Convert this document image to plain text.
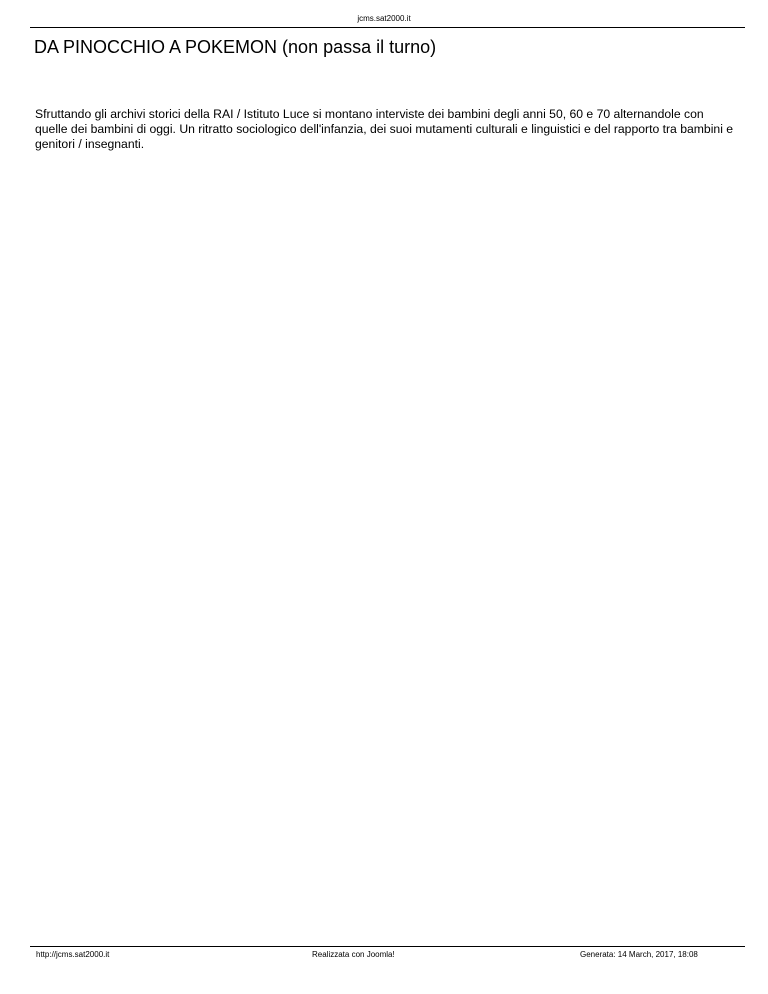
jcms.sat2000.it
DA PINOCCHIO A POKEMON (non passa il turno)

Sfruttando gli archivi storici della RAI / Istituto Luce si montano interviste dei bambini degli anni 50, 60 e 70 alternandole con quelle dei bambini di oggi. Un ritratto sociologico dell'infanzia, dei suoi mutamenti culturali e linguistici e del rapporto tra bambini e genitori / insegnanti.

http://jcms.sat2000.it	Realizzata con Joomla!	Generata: 14 March, 2017, 18:08
